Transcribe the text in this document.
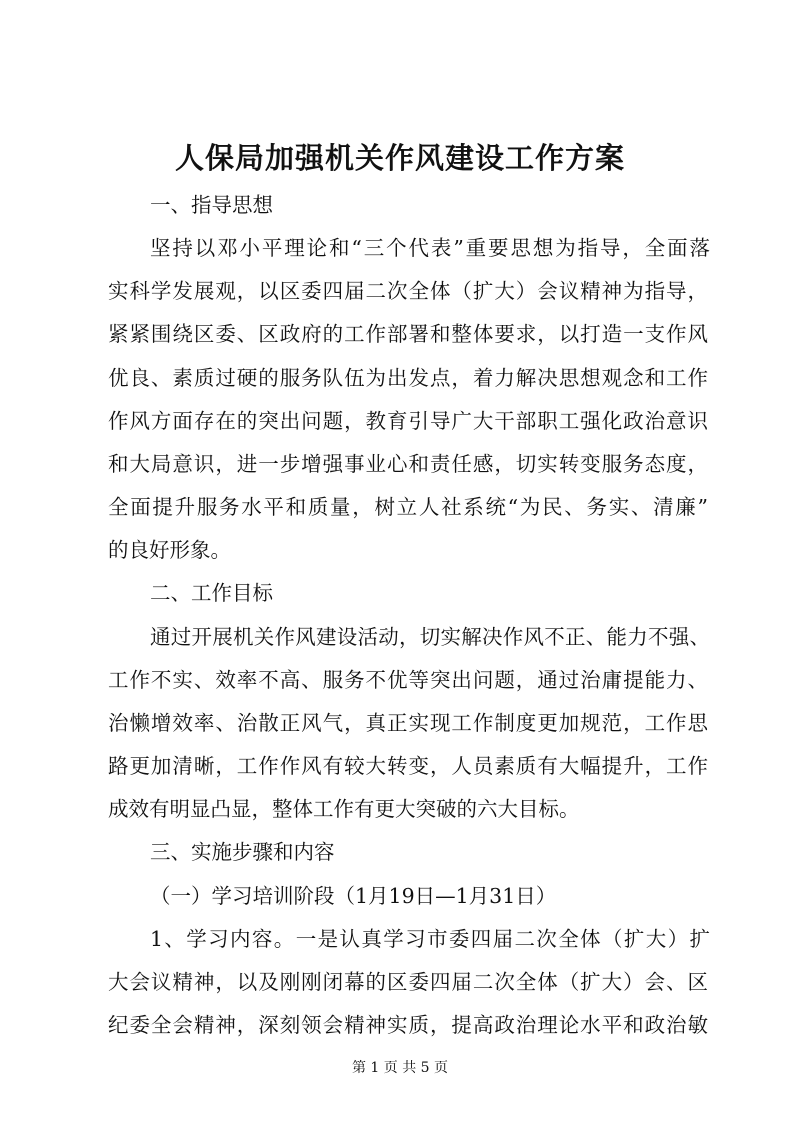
人保局加强机关作风建设工作方案
一、指导思想
坚持以邓小平理论和“三个代表”重要思想为指导，全面落
实科学发展观，以区委四届二次全体（扩大）会议精神为指导，
紧紧围绕区委、区政府的工作部署和整体要求，以打造一支作风
优良、素质过硬的服务队伍为出发点，着力解决思想观念和工作
作风方面存在的突出问题，教育引导广大干部职工强化政治意识
和大局意识，进一步增强事业心和责任感，切实转变服务态度，
全面提升服务水平和质量，树立人社系统“为民、务实、清廉”
的良好形象。
二、工作目标
通过开展机关作风建设活动，切实解决作风不正、能力不强、
工作不实、效率不高、服务不优等突出问题，通过治庸提能力、
治懒增效率、治散正风气，真正实现工作制度更加规范，工作思
路更加清晰，工作作风有较大转变，人员素质有大幅提升，工作
成效有明显凸显，整体工作有更大突破的六大目标。
三、实施步骤和内容
（一）学习培训阶段（1月19日—1月31日）
1、学习内容。一是认真学习市委四届二次全体（扩大）扩
第 1 页 共 5 页
大会议精神，以及刚刚闭幕的区委四届二次全体（扩大）会、区
纪委全会精神，深刻领会精神实质，提高政治理论水平和政治敏
